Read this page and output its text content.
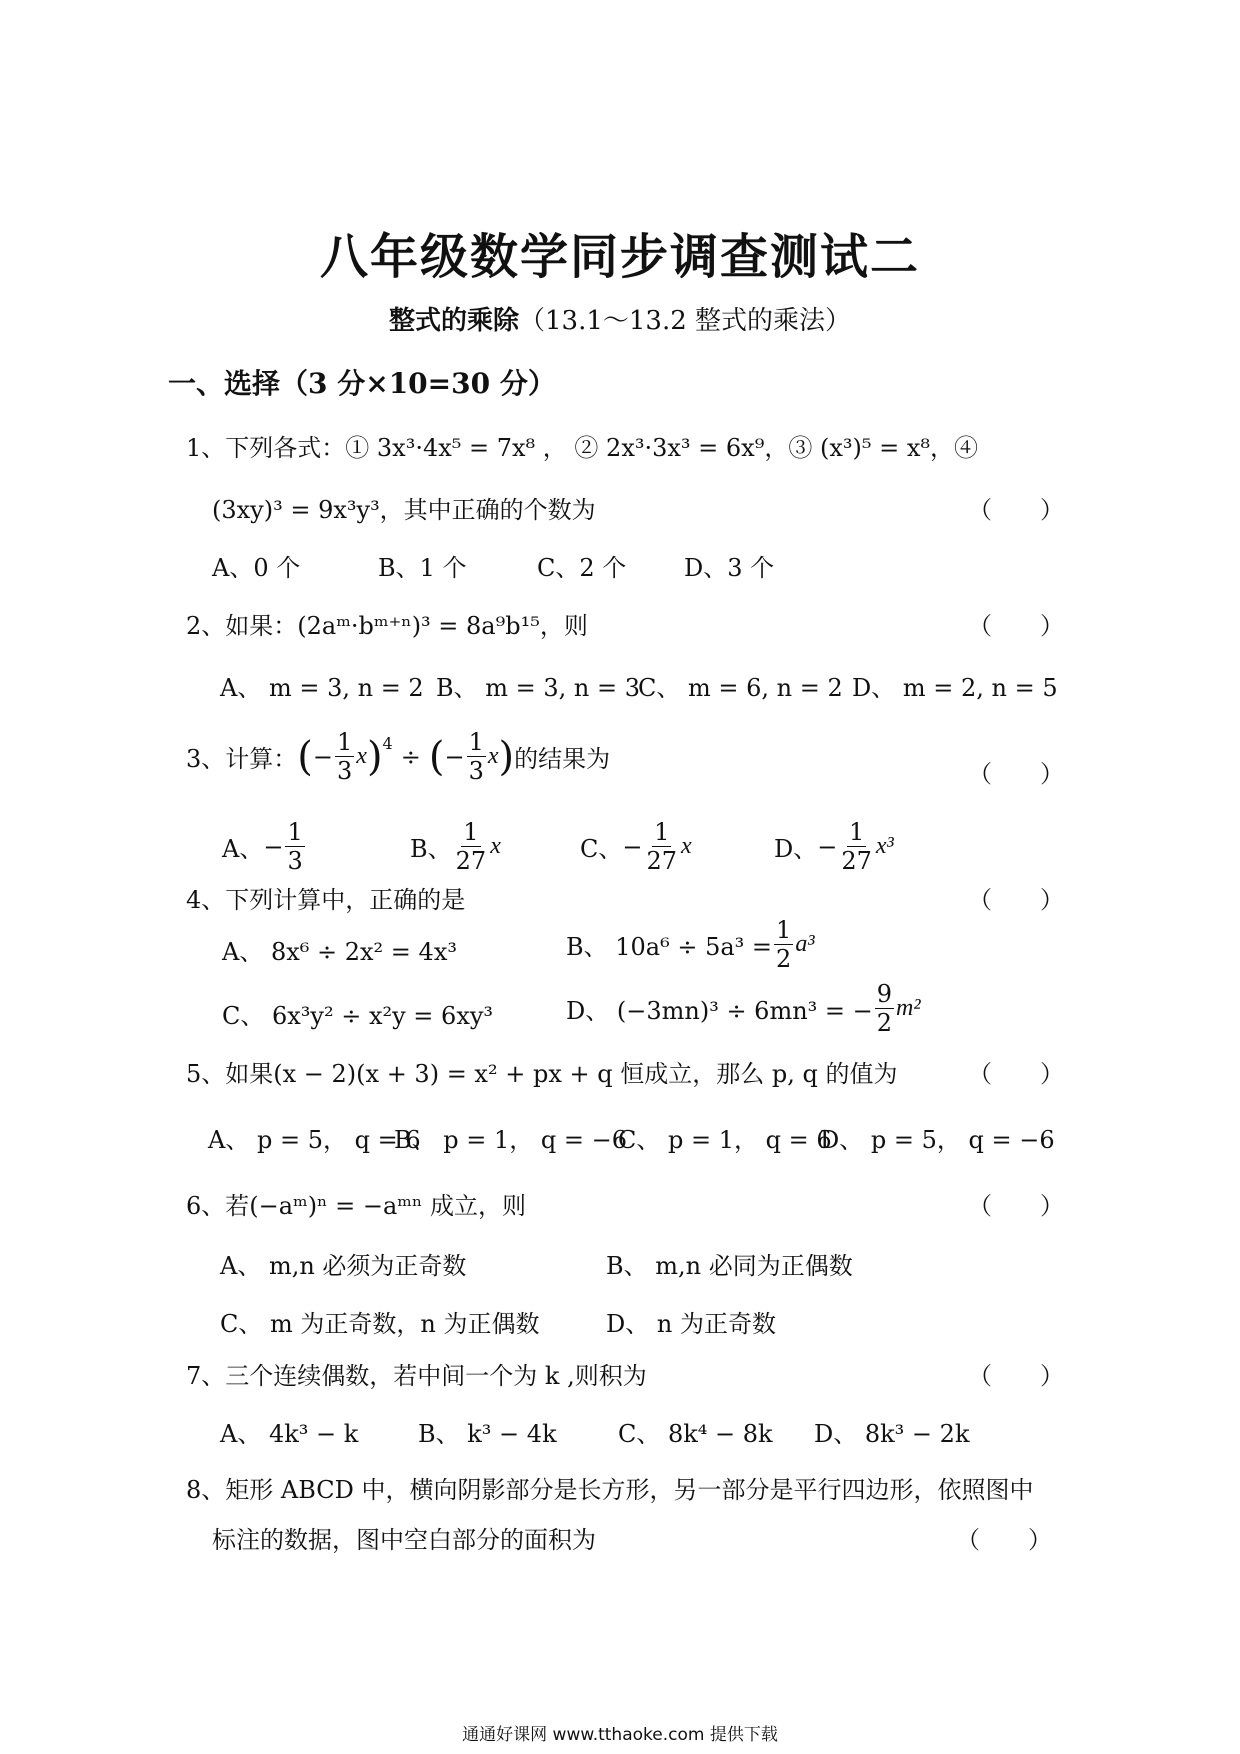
八年级数学同步调查测试二
整式的乘除（13.1～13.2 整式的乘法）
一、选择（3 分×10=30 分）
1、下列各式：① 3x³·4x⁵ = 7x⁸ ， ② 2x³·3x³ = 6x⁹，③ (x³)⁵ = x⁸，④
(3xy)³ = 9x³y³，其中正确的个数为	（　　）
A、0 个	B、1 个	C、2 个 D、3 个
2、如果：(2aᵐ·bᵐ⁺ⁿ)³ = 8a⁹b¹⁵，则	（　　）
A、 m = 3, n = 2 B、 m = 3, n = 3
C、 m = 6, n = 2 D、 m = 2, n = 5
3、计算： ( − $\frac{1}{3}$ x )$^4$ ÷ ( − $\frac{1}{3}$ x ) 的结果为
（　　）
A、 − $\frac{1}{3}$	B、 $\frac{1}{27}$ x	C、 − $\frac{1}{27}$ x	D、 − $\frac{1}{27} x^3$
4、下列计算中，正确的是	（　　）
A、 8x⁶ ÷ 2x² = 4x³	B、 $10a^6 \div 5a^3 = \frac{1}{2} a^3$
C、 6x³y² ÷ x²y = 6xy³	D、 (−3mn)³ ÷ 6mn³ = − $\frac{9}{2} m^2$
5、如果(x − 2)(x + 3) = x² + px + q 恒成立，那么 p, q 的值为	（　　）
A、 p = 5， q = 6
B、 p = 1， q = −6
C、 p = 1， q = 6
D、 p = 5， q = −6
6、若(−aᵐ)ⁿ = −aᵐⁿ 成立，则	（　　）
A、 m,n 必须为正奇数	B、 m,n 必同为正偶数
C、 m 为正奇数，n 为正偶数	D、 n 为正奇数
7、三个连续偶数，若中间一个为 k ,则积为	（　　）
A、 4k³ − k B、 k³ − 4k	C、 8k⁴ − 8k D、 8k³ − 2k
8、矩形 ABCD 中，横向阴影部分是长方形，另一部分是平行四边形，依照图中
标注的数据，图中空白部分的面积为	（　　）
通通好课网 www.tthaoke.com 提供下载
